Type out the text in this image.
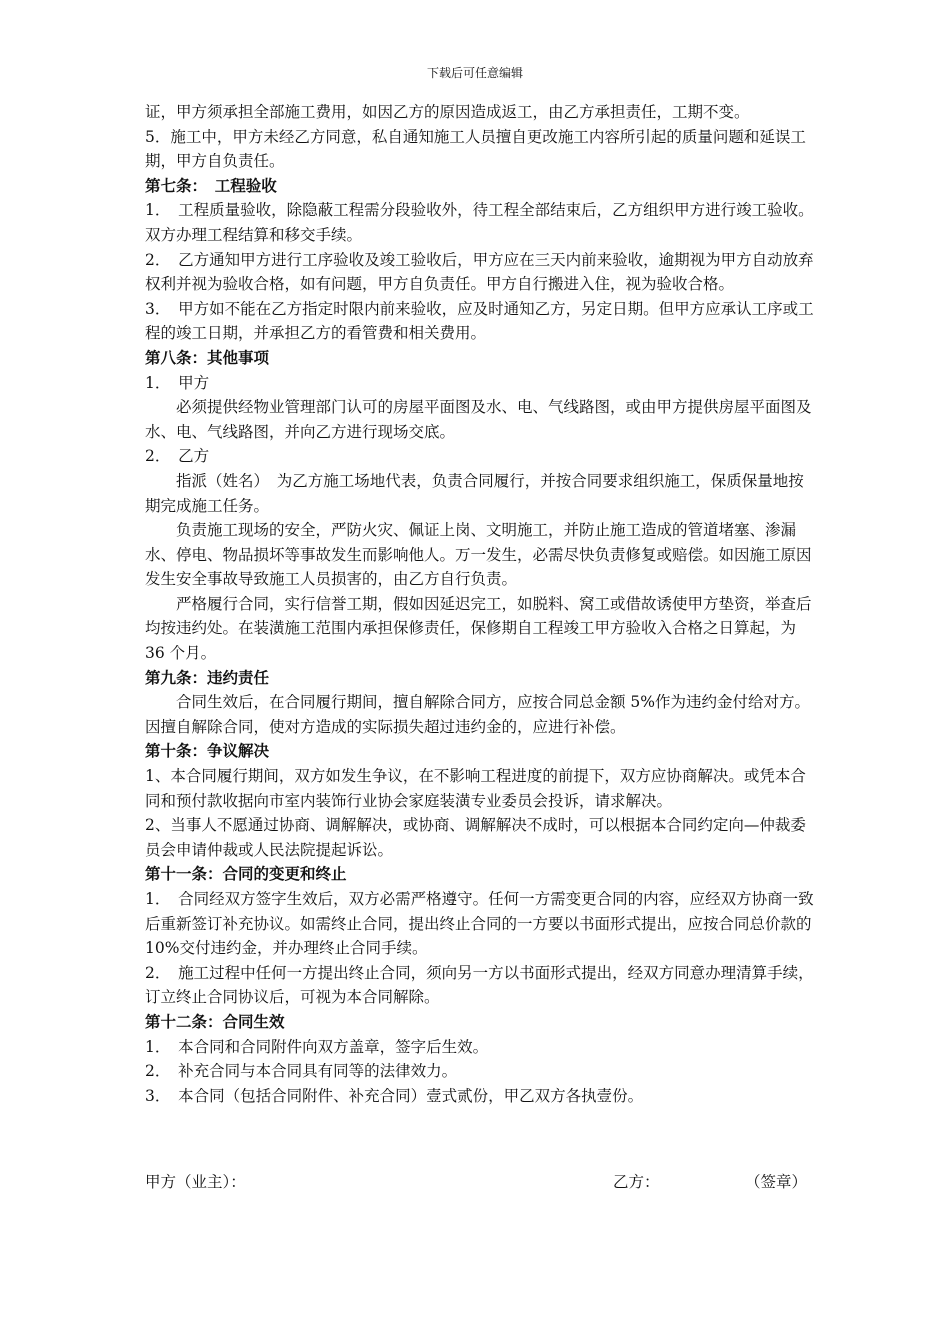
下载后可任意编辑

证，甲方须承担全部施工费用，如因乙方的原因造成返工，由乙方承担责任，工期不变。

5．施工中，甲方未经乙方同意，私自通知施工人员擅自更改施工内容所引起的质量问题和延误工期，甲方自负责任。

第七条：　工程验收

1．　工程质量验收，除隐蔽工程需分段验收外，待工程全部结束后，乙方组织甲方进行竣工验收。双方办理工程结算和移交手续。

2．　乙方通知甲方进行工序验收及竣工验收后，甲方应在三天内前来验收，逾期视为甲方自动放弃权利并视为验收合格，如有问题，甲方自负责任。甲方自行搬进入住，视为验收合格。

3．　甲方如不能在乙方指定时限内前来验收，应及时通知乙方，另定日期。但甲方应承认工序或工程的竣工日期，并承担乙方的看管费和相关费用。

第八条：其他事项

1．　甲方

必须提供经物业管理部门认可的房屋平面图及水、电、气线路图，或由甲方提供房屋平面图及水、电、气线路图，并向乙方进行现场交底。

2．　乙方

指派（姓名）　为乙方施工场地代表，负责合同履行，并按合同要求组织施工，保质保量地按期完成施工任务。

负责施工现场的安全，严防火灾、佩证上岗、文明施工，并防止施工造成的管道堵塞、渗漏水、停电、物品损坏等事故发生而影响他人。万一发生，必需尽快负责修复或赔偿。如因施工原因发生安全事故导致施工人员损害的，由乙方自行负责。

严格履行合同，实行信誉工期，假如因延迟完工，如脱料、窝工或借故诱使甲方垫资，举查后均按违约处。在装潢施工范围内承担保修责任，保修期自工程竣工甲方验收入合格之日算起，为 36 个月。

第九条：违约责任

合同生效后，在合同履行期间，擅自解除合同方，应按合同总金额 5%作为违约金付给对方。因擅自解除合同，使对方造成的实际损失超过违约金的，应进行补偿。

第十条：争议解决

1、本合同履行期间，双方如发生争议，在不影响工程进度的前提下，双方应协商解决。或凭本合同和预付款收据向市室内装饰行业协会家庭装潢专业委员会投诉，请求解决。

2、当事人不愿通过协商、调解解决，或协商、调解解决不成时，可以根据本合同约定向—仲裁委员会申请仲裁或人民法院提起诉讼。

第十一条：合同的变更和终止

1．　合同经双方签字生效后，双方必需严格遵守。任何一方需变更合同的内容，应经双方协商一致后重新签订补充协议。如需终止合同，提出终止合同的一方要以书面形式提出，应按合同总价款的 10%交付违约金，并办理终止合同手续。

2．　施工过程中任何一方提出终止合同，须向另一方以书面形式提出，经双方同意办理清算手续，订立终止合同协议后，可视为本合同解除。

第十二条：合同生效

1．　本合同和合同附件向双方盖章，签字后生效。

2．　补充合同与本合同具有同等的法律效力。

3．　本合同（包括合同附件、补充合同）壹式贰份，甲乙双方各执壹份。

甲方（业主）：	乙方：	（签章）
